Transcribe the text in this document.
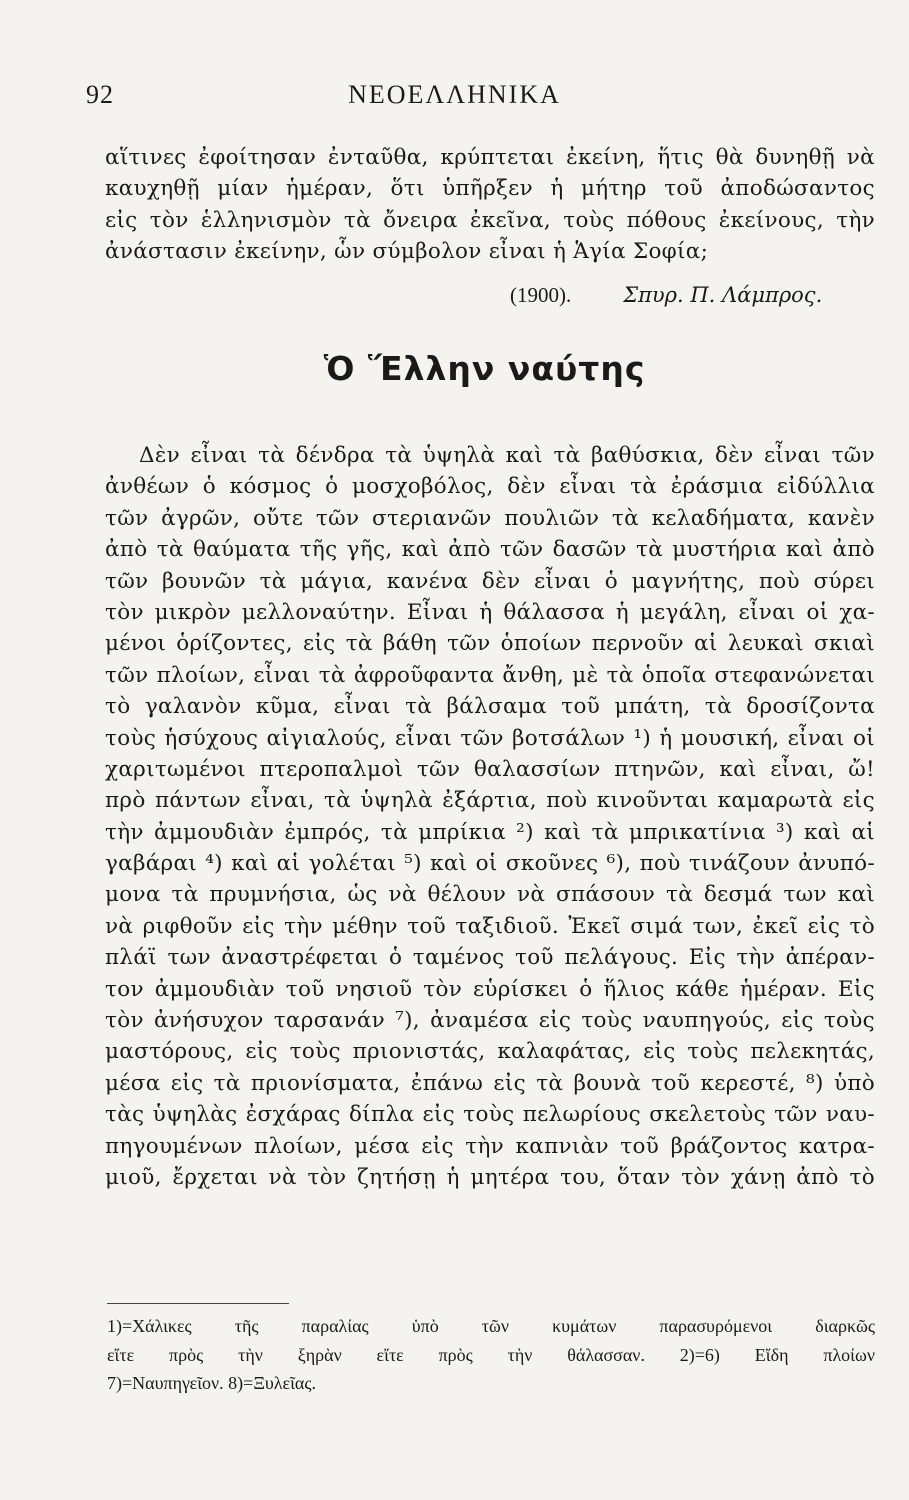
92	ΝΕΟΕΛΛΗΝΙΚΑ
αἵτινες ἐφοίτησαν ἐνταῦθα, κρύπτεται ἐκείνη, ἥτις θὰ δυνηθῇ νὰ
καυχηθῇ μίαν ἡμέραν, ὅτι ὑπῆρξεν ἡ μήτηρ τοῦ ἀποδώσαντος
εἰς τὸν ἑλληνισμὸν τὰ ὄνειρα ἐκεῖνα, τοὺς πόθους ἐκείνους, τὴν
ἀνάστασιν ἐκείνην, ὧν σύμβολον εἶναι ἡ Ἁγία Σοφία;
(1900). Σπυρ. Π. Λάμπρος.
Ὁ Ἕλλην ναύτης
Δὲν εἶναι τὰ δένδρα τὰ ὑψηλὰ καὶ τὰ βαθύσκια, δὲν εἶναι τῶν
ἀνθέων ὁ κόσμος ὁ μοσχοβόλος, δὲν εἶναι τὰ ἐράσμια εἰδύλλια
τῶν ἀγρῶν, οὔτε τῶν στεριανῶν πουλιῶν τὰ κελαδήματα, κανὲν
ἀπὸ τὰ θαύματα τῆς γῆς, καὶ ἀπὸ τῶν δασῶν τὰ μυστήρια καὶ ἀπὸ
τῶν βουνῶν τὰ μάγια, κανένα δὲν εἶναι ὁ μαγνήτης, ποὺ σύρει
τὸν μικρὸν μελλοναύτην. Εἶναι ἡ θάλασσα ἡ μεγάλη, εἶναι οἱ χα-
μένοι ὁρίζοντες, εἰς τὰ βάθη τῶν ὁποίων περνοῦν αἱ λευκαὶ σκιαὶ
τῶν πλοίων, εἶναι τὰ ἀφροῦφαντα ἄνθη, μὲ τὰ ὁποῖα στεφανώνεται
τὸ γαλανὸν κῦμα, εἶναι τὰ βάλσαμα τοῦ μπάτη, τὰ δροσίζοντα
τοὺς ἡσύχους αἰγιαλούς, εἶναι τῶν βοτσάλων ¹) ἡ μουσική, εἶναι οἱ
χαριτωμένοι πτεροπαλμοὶ τῶν θαλασσίων πτηνῶν, καὶ εἶναι, ὤ!
πρὸ πάντων εἶναι, τὰ ὑψηλὰ ἐξάρτια, ποὺ κινοῦνται καμαρωτὰ εἰς
τὴν ἀμμουδιὰν ἐμπρός, τὰ μπρίκια ²) καὶ τὰ μπρικατίνια ³) καὶ αἱ
γαβάραι ⁴) καὶ αἱ γολέται ⁵) καὶ οἱ σκοῦνες ⁶), ποὺ τινάζουν ἀνυπό-
μονα τὰ πρυμνήσια, ὡς νὰ θέλουν νὰ σπάσουν τὰ δεσμά των καὶ
νὰ ριφθοῦν εἰς τὴν μέθην τοῦ ταξιδιοῦ. Ἐκεῖ σιμά των, ἐκεῖ εἰς τὸ
πλάϊ των ἀναστρέφεται ὁ ταμένος τοῦ πελάγους. Εἰς τὴν ἀπέραν-
τον ἀμμουδιὰν τοῦ νησιοῦ τὸν εὑρίσκει ὁ ἥλιος κάθε ἡμέραν. Εἰς
τὸν ἀνήσυχον ταρσανάν ⁷), ἀναμέσα εἰς τοὺς ναυπηγούς, εἰς τοὺς
μαστόρους, εἰς τοὺς πριονιστάς, καλαφάτας, εἰς τοὺς πελεκητάς,
μέσα εἰς τὰ πριονίσματα, ἐπάνω εἰς τὰ βουνὰ τοῦ κερεστέ, ⁸) ὑπὸ
τὰς ὑψηλὰς ἐσχάρας δίπλα εἰς τοὺς πελωρίους σκελετοὺς τῶν ναυ-
πηγουμένων πλοίων, μέσα εἰς τὴν καπνιὰν τοῦ βράζοντος κατρα-
μιοῦ, ἔρχεται νὰ τὸν ζητήσῃ ἡ μητέρα του, ὅταν τὸν χάνῃ ἀπὸ τὸ
1)=Χάλικες τῆς παραλίας ὑπὸ τῶν κυμάτων παρασυρόμενοι διαρκῶς
εἴτε πρὸς τὴν ξηρὰν εἴτε πρὸς τὴν θάλασσαν. 2)=6) Εἴδη πλοίων
7)=Ναυπηγεῖον. 8)=Ξυλεῖας.
